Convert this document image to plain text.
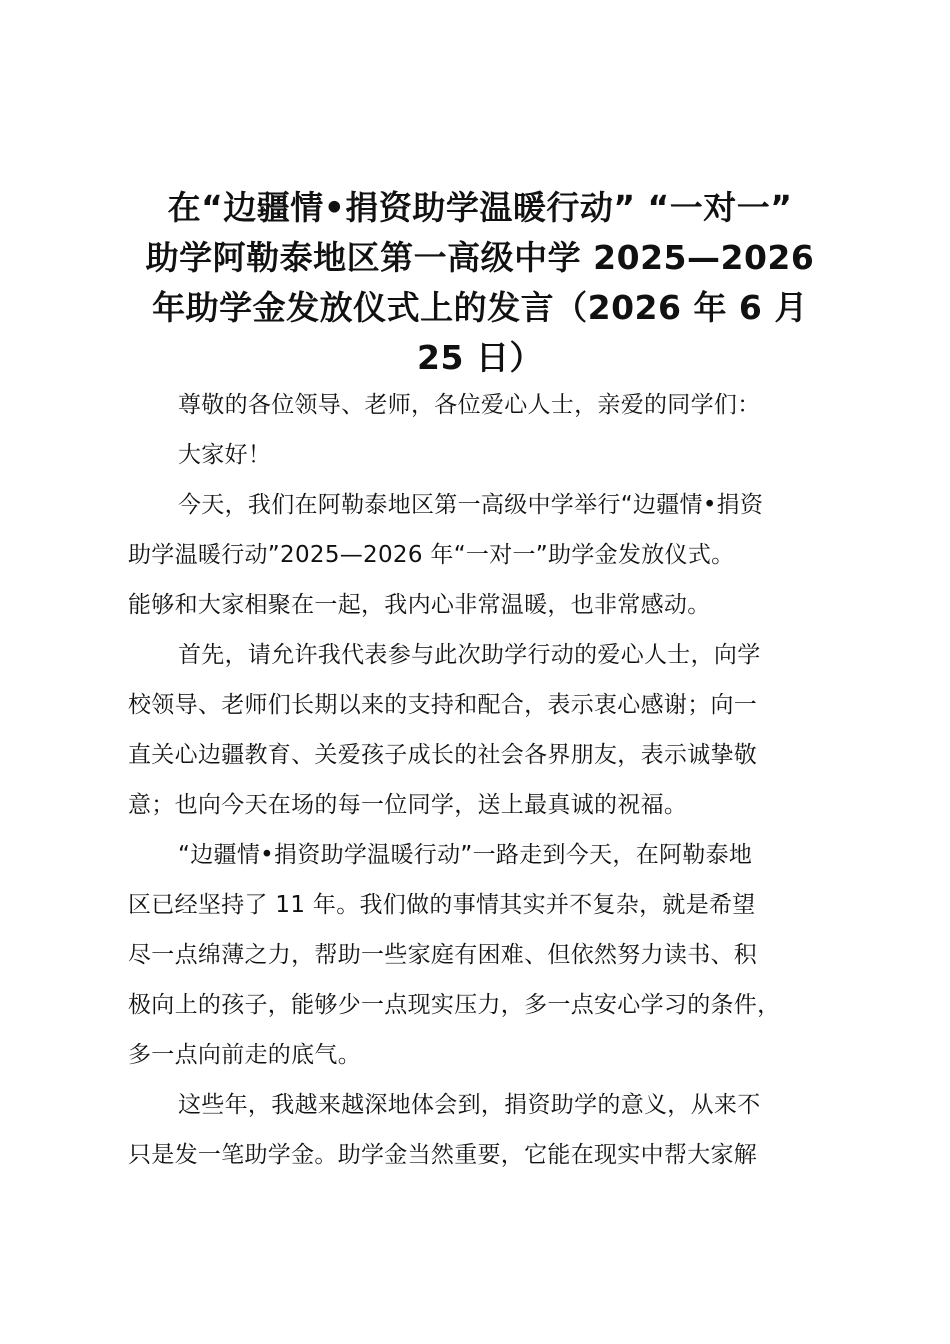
在“边疆情•捐资助学温暖行动” “一对一”
助学阿勒泰地区第一高级中学 2025—2026
年助学金发放仪式上的发言（2026 年 6 月
25 日）
尊敬的各位领导、老师，各位爱心人士，亲爱的同学们：
大家好！
今天，我们在阿勒泰地区第一高级中学举行“边疆情•捐资
助学温暖行动”2025—2026 年“一对一”助学金发放仪式。
能够和大家相聚在一起，我内心非常温暖，也非常感动。
首先，请允许我代表参与此次助学行动的爱心人士，向学
校领导、老师们长期以来的支持和配合，表示衷心感谢；向一
直关心边疆教育、关爱孩子成长的社会各界朋友，表示诚挚敬
意；也向今天在场的每一位同学，送上最真诚的祝福。
“边疆情•捐资助学温暖行动”一路走到今天，在阿勒泰地
区已经坚持了 11 年。我们做的事情其实并不复杂，就是希望
尽一点绵薄之力，帮助一些家庭有困难、但依然努力读书、积
极向上的孩子，能够少一点现实压力，多一点安心学习的条件，
多一点向前走的底气。
这些年，我越来越深地体会到，捐资助学的意义，从来不
只是发一笔助学金。助学金当然重要，它能在现实中帮大家解
